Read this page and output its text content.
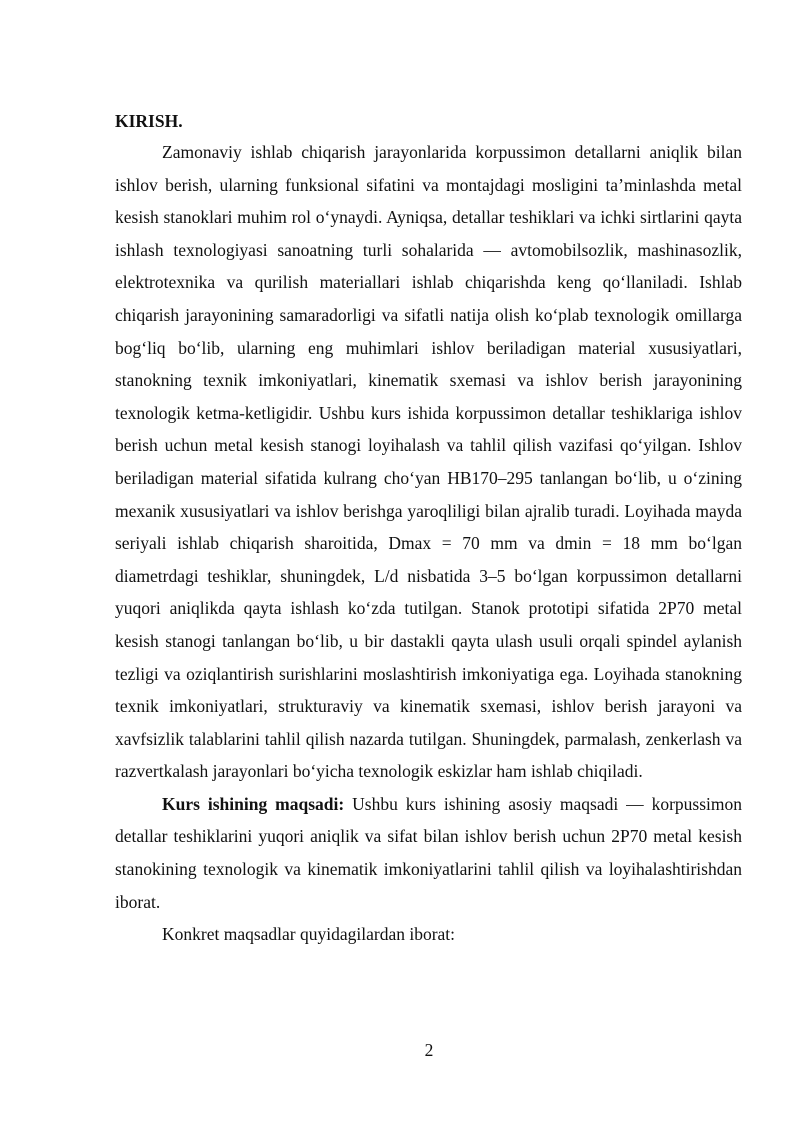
KIRISH.

Zamonaviy ishlab chiqarish jarayonlarida korpussimon detallarni aniqlik bilan ishlov berish, ularning funksional sifatini va montajdagi mosligini ta’minlashda metal kesish stanoklari muhim rol o‘ynaydi. Ayniqsa, detallar teshiklari va ichki sirtlarini qayta ishlash texnologiyasi sanoatning turli sohalarida — avtomobilsozlik, mashinasozlik, elektrotexnika va qurilish materiallari ishlab chiqarishda keng qo‘llaniladi. Ishlab chiqarish jarayonining samaradorligi va sifatli natija olish ko‘plab texnologik omillarga bog‘liq bo‘lib, ularning eng muhimlari ishlov beriladigan material xususiyatlari, stanokning texnik imkoniyatlari, kinematik sxemasi va ishlov berish jarayonining texnologik ketma-ketligidir. Ushbu kurs ishida korpussimon detallar teshiklariga ishlov berish uchun metal kesish stanogi loyihalash va tahlil qilish vazifasi qo‘yilgan. Ishlov beriladigan material sifatida kulrang cho‘yan HB170–295 tanlangan bo‘lib, u o‘zining mexanik xususiyatlari va ishlov berishga yaroqliligi bilan ajralib turadi. Loyihada mayda seriyali ishlab chiqarish sharoitida, Dmax = 70 mm va dmin = 18 mm bo‘lgan diametrdagi teshiklar, shuningdek, L/d nisbatida 3–5 bo‘lgan korpussimon detallarni yuqori aniqlikda qayta ishlash ko‘zda tutilgan. Stanok prototipi sifatida 2P70 metal kesish stanogi tanlangan bo‘lib, u bir dastakli qayta ulash usuli orqali spindel aylanish tezligi va oziqlantirish surishlarini moslashtirish imkoniyatiga ega. Loyihada stanokning texnik imkoniyatlari, strukturaviy va kinematik sxemasi, ishlov berish jarayoni va xavfsizlik talablarini tahlil qilish nazarda tutilgan. Shuningdek, parmalash, zenkerlash va razvertkalash jarayonlari bo‘yicha texnologik eskizlar ham ishlab chiqiladi.

Kurs ishining maqsadi: Ushbu kurs ishining asosiy maqsadi — korpussimon detallar teshiklarini yuqori aniqlik va sifat bilan ishlov berish uchun 2P70 metal kesish stanokining texnologik va kinematik imkoniyatlarini tahlil qilish va loyihalashtirishdan iborat.

Konkret maqsadlar quyidagilardan iborat:

2
